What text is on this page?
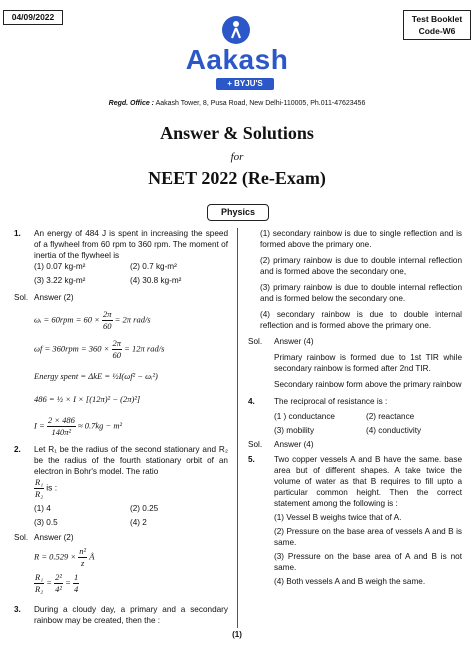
04/09/2022	Test Booklet
Code-W6
Aakash
+ BYJU'S
Regd. Office : Aakash Tower, 8, Pusa Road, New Delhi-110005, Ph.011-47623456
Answer & Solutions
for
NEET 2022 (Re-Exam)
Physics
1. An energy of 484 J is spent in increasing the speed of a flywheel from 60 rpm to 360 rpm. The moment of inertia of the flywheel is
(1) 0.07 kg-m²	(2) 0.7 kg-m²
(3) 3.22 kg-m²	(4) 30.8 kg-m²
Sol. Answer (2)
ωᵢ = $60rpm = 60 \times \frac{2\pi}{60} = 2\pi$ rad/s
$\omega f = 360rpm = 360 \times \frac{2\pi}{60} = 12\pi$ rad/s
Energy spent = ΔkE = ½I(ωf² − ωᵢ²)
486 = ½ × I × [(12π)² − (2π)²]
$I = \frac{2 \times 486}{\text{140π²}} \approx 0.7kg - m^2$
2. Let R₁ be the radius of the second stationary and R₂ be the radius of the fourth stationary orbit of an electron in Bohr's model. The ratio
$\frac{\text{R₁}}{\text{R₂}}$ is :
(1) 4	(2) 0.25
(3) 0.5	(4) 2
Sol. Answer (2)
$R = 0.529 \times \frac{\text{n²}}{z}$ Å
$\frac{\text{R₁}}{\text{R₂}} = \frac{\text{2²}}{\text{4²}} = \frac{1}{4}$
3. During a cloudy day, a primary and a secondary rainbow may be created, then the :
(1) secondary rainbow is due to single reflection and is formed above the primary one.
(2) primary rainbow is due to double internal reflection and is formed above the secondary one,
(3) primary rainbow is due to double internal reflection and is formed below the secondary one.
(4) secondary rainbow is due to double internal reflection and is formed above the primary one.
Sol.	Answer (4)
Primary rainbow is formed due to 1st TIR while secondary rainbow is formed after 2nd TIR.
Secondary rainbow form above the primary rainbow
4. The reciprocal of resistance is :
(1 ) conductance	(2) reactance
(3) mobility	(4) conductivity
Sol.	Answer (4)
5. Two copper vessels A and B have the same. base area but of different shapes. A take twice the volume of water as that B requires to fill upto a particular common height. Then the correct statement among the following is :
(1) Vessel B weighs twice that of A.
(2) Pressure on the base area of vessels A and B is same.
(3) Pressure on the base area of A and B is not same.
(4) Both vessels A and B weigh the same.
(1)
